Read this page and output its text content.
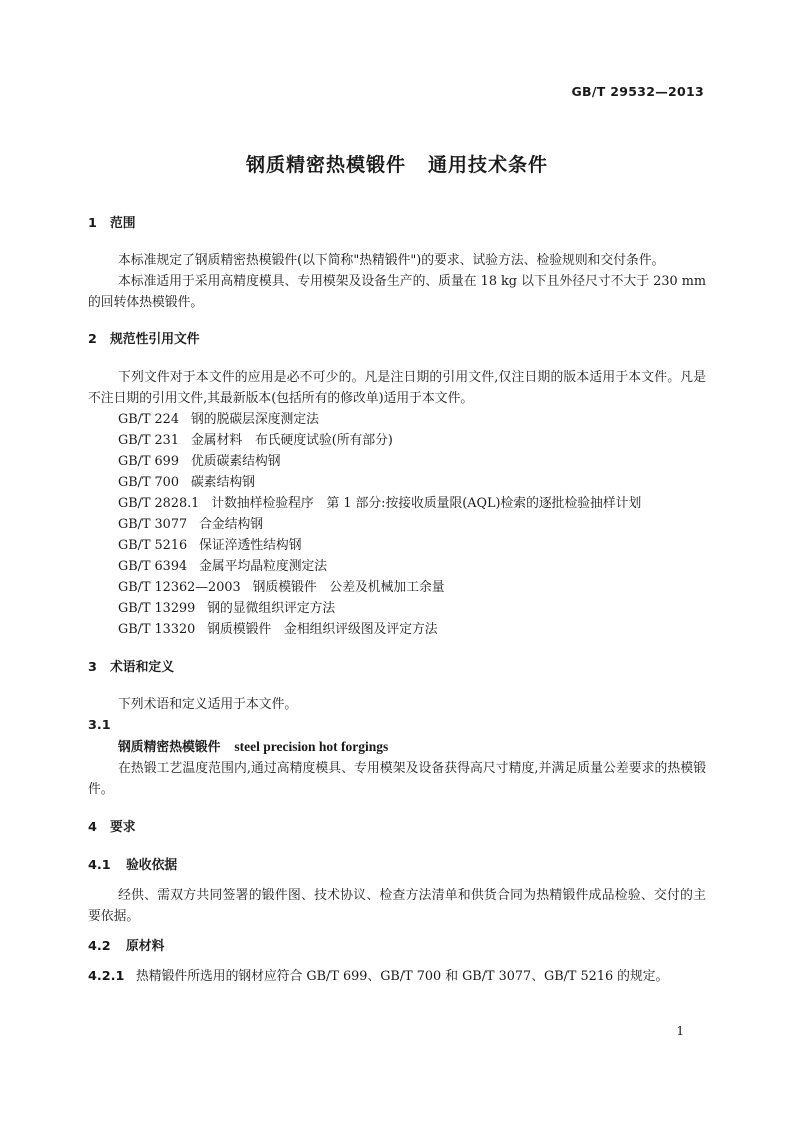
GB/T 29532—2013
钢质精密热模锻件 通用技术条件
1 范围

本标准规定了钢质精密热模锻件(以下简称"热精锻件")的要求、试验方法、检验规则和交付条件。

本标准适用于采用高精度模具、专用模架及设备生产的、质量在 18 kg 以下且外径尺寸不大于 230 mm 的回转体热模锻件。

2 规范性引用文件

下列文件对于本文件的应用是必不可少的。凡是注日期的引用文件,仅注日期的版本适用于本文件。凡是不注日期的引用文件,其最新版本(包括所有的修改单)适用于本文件。

GB/T 224 钢的脱碳层深度测定法

GB/T 231 金属材料　布氏硬度试验(所有部分)

GB/T 699 优质碳素结构钢

GB/T 700 碳素结构钢

GB/T 2828.1 计数抽样检验程序　第 1 部分:按接收质量限(AQL)检索的逐批检验抽样计划

GB/T 3077 合金结构钢

GB/T 5216 保证淬透性结构钢

GB/T 6394 金属平均晶粒度测定法

GB/T 12362—2003 钢质模锻件　公差及机械加工余量

GB/T 13299 钢的显微组织评定方法

GB/T 13320 钢质模锻件　金相组织评级图及评定方法

3 术语和定义

下列术语和定义适用于本文件。

3.1
钢质精密热模锻件 steel precision hot forgings

在热锻工艺温度范围内,通过高精度模具、专用模架及设备获得高尺寸精度,并满足质量公差要求的热模锻件。

4 要求
4.1 验收依据

经供、需双方共同签署的锻件图、技术协议、检查方法清单和供货合同为热精锻件成品检验、交付的主要依据。

4.2 原材料
4.2.1 热精锻件所选用的钢材应符合 GB/T 699、GB/T 700 和 GB/T 3077、GB/T 5216 的规定。
1
